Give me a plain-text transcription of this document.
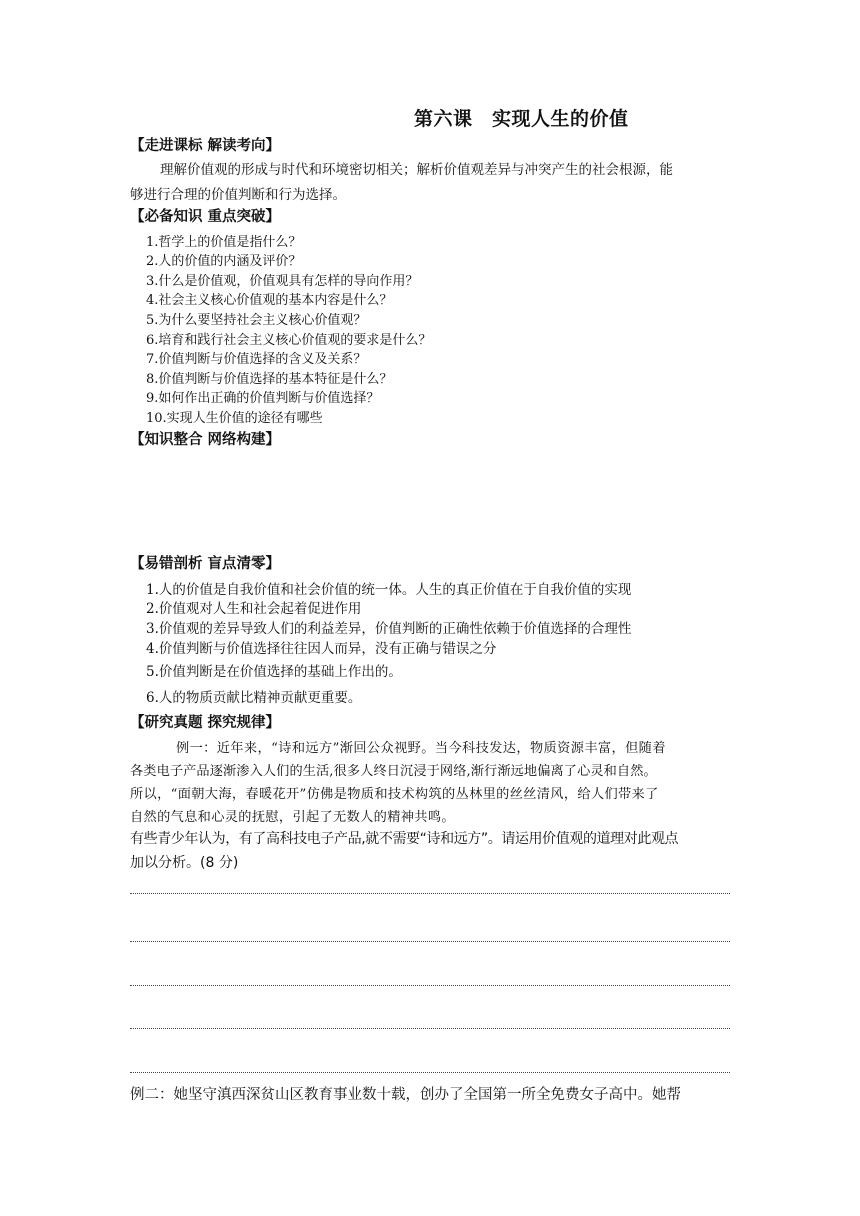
第六课　实现人生的价值
【走进课标 解读考向】
理解价值观的形成与时代和环境密切相关；解析价值观差异与冲突产生的社会根源，能
够进行合理的价值判断和行为选择。
【必备知识 重点突破】
1.哲学上的价值是指什么？
2.人的价值的内涵及评价？
3.什么是价值观，价值观具有怎样的导向作用？
4.社会主义核心价值观的基本内容是什么？
5.为什么要坚持社会主义核心价值观？
6.培育和践行社会主义核心价值观的要求是什么？
7.价值判断与价值选择的含义及关系？
8.价值判断与价值选择的基本特征是什么？
9.如何作出正确的价值判断与价值选择？
10.实现人生价值的途径有哪些
【知识整合 网络构建】
【易错剖析 盲点清零】
1.人的价值是自我价值和社会价值的统一体。人生的真正价值在于自我价值的实现
2.价值观对人生和社会起着促进作用
3.价值观的差异导致人们的利益差异，价值判断的正确性依赖于价值选择的合理性
4.价值判断与价值选择往往因人而异，没有正确与错误之分
5.价值判断是在价值选择的基础上作出的。
6.人的物质贡献比精神贡献更重要。
【研究真题 探究规律】
例一：近年来，“诗和远方”渐回公众视野。当今科技发达，物质资源丰富，但随着
各类电子产品逐渐渗入人们的生活,很多人终日沉浸于网络,渐行渐远地偏离了心灵和自然。
所以，“面朝大海，春暖花开”仿佛是物质和技术构筑的丛林里的丝丝清风，给人们带来了
自然的气息和心灵的抚慰，引起了无数人的精神共鸣。
有些青少年认为，有了高科技电子产品,就不需要“诗和远方”。请运用价值观的道理对此观点
加以分析。(8 分)
例二：她坚守滇西深贫山区教育事业数十载，创办了全国第一所全免费女子高中。她帮
